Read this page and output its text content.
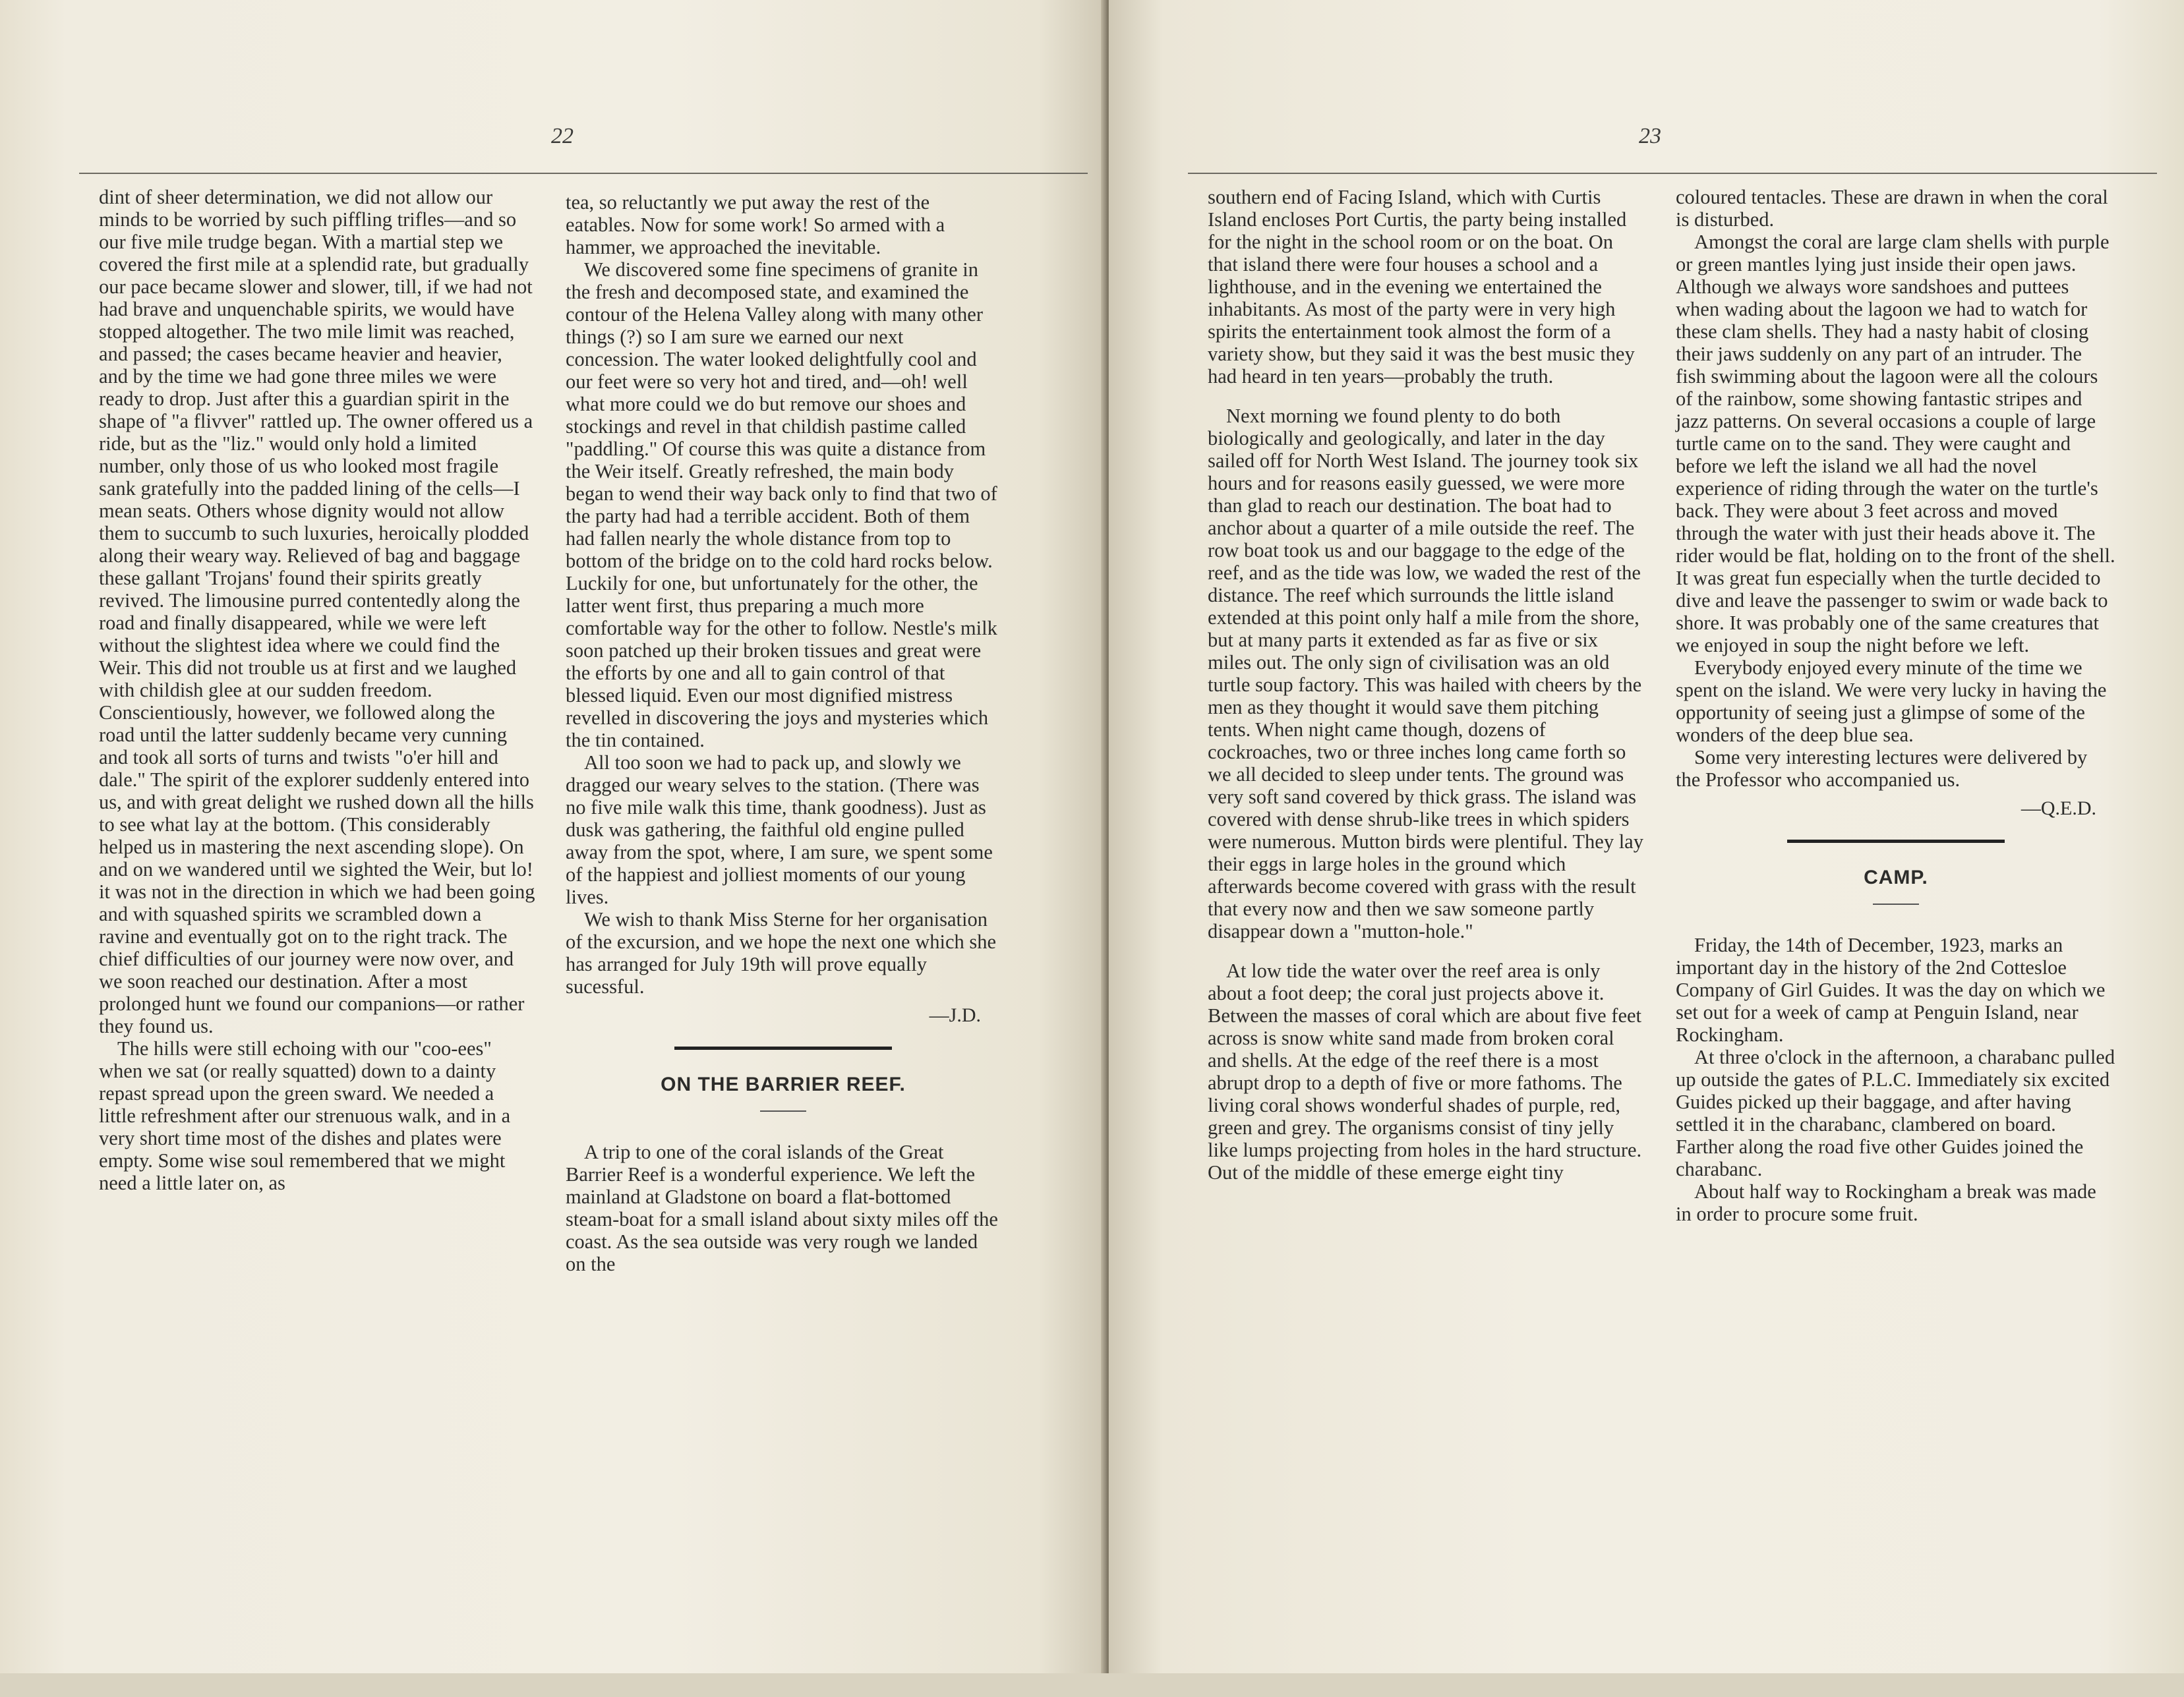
22

dint of sheer determination, we did not allow our minds to be worried by such piffling trifles—and so our five mile trudge began. With a martial step we covered the first mile at a splendid rate, but gradually our pace became slower and slower, till, if we had not had brave and unquenchable spirits, we would have stopped altogether. The two mile limit was reached, and passed; the cases became heavier and heavier, and by the time we had gone three miles we were ready to drop. Just after this a guardian spirit in the shape of "a flivver" rattled up. The owner offered us a ride, but as the "liz." would only hold a limited number, only those of us who looked most fragile sank gratefully into the padded lining of the cells—I mean seats. Others whose dignity would not allow them to succumb to such luxuries, heroically plodded along their weary way. Relieved of bag and baggage these gallant 'Trojans' found their spirits greatly revived. The limousine purred contentedly along the road and finally disappeared, while we were left without the slightest idea where we could find the Weir. This did not trouble us at first and we laughed with childish glee at our sudden freedom. Conscientiously, however, we followed along the road until the latter suddenly became very cunning and took all sorts of turns and twists "o'er hill and dale." The spirit of the explorer suddenly entered into us, and with great delight we rushed down all the hills to see what lay at the bottom. (This considerably helped us in mastering the next ascending slope). On and on we wandered until we sighted the Weir, but lo! it was not in the direction in which we had been going and with squashed spirits we scrambled down a ravine and eventually got on to the right track. The chief difficulties of our journey were now over, and we soon reached our destination. After a most prolonged hunt we found our companions—or rather they found us.

The hills were still echoing with our "coo-ees" when we sat (or really squatted) down to a dainty repast spread upon the green sward. We needed a little refreshment after our strenuous walk, and in a very short time most of the dishes and plates were empty. Some wise soul remembered that we might need a little later on, as

tea, so reluctantly we put away the rest of the eatables. Now for some work! So armed with a hammer, we approached the inevitable.

We discovered some fine specimens of granite in the fresh and decomposed state, and examined the contour of the Helena Valley along with many other things (?) so I am sure we earned our next concession. The water looked delightfully cool and our feet were so very hot and tired, and—oh! well what more could we do but remove our shoes and stockings and revel in that childish pastime called "paddling." Of course this was quite a distance from the Weir itself. Greatly refreshed, the main body began to wend their way back only to find that two of the party had had a terrible accident. Both of them had fallen nearly the whole distance from top to bottom of the bridge on to the cold hard rocks below. Luckily for one, but unfortunately for the other, the latter went first, thus preparing a much more comfortable way for the other to follow. Nestle's milk soon patched up their broken tissues and great were the efforts by one and all to gain control of that blessed liquid. Even our most dignified mistress revelled in discovering the joys and mysteries which the tin contained.

All too soon we had to pack up, and slowly we dragged our weary selves to the station. (There was no five mile walk this time, thank goodness). Just as dusk was gathering, the faithful old engine pulled away from the spot, where, I am sure, we spent some of the happiest and jolliest moments of our young lives.

We wish to thank Miss Sterne for her organisation of the excursion, and we hope the next one which she has arranged for July 19th will prove equally sucessful.

—J.D.
ON THE BARRIER REEF.

A trip to one of the coral islands of the Great Barrier Reef is a wonderful experience. We left the mainland at Gladstone on board a flat-bottomed steam-boat for a small island about sixty miles off the coast. As the sea outside was very rough we landed on the

23

southern end of Facing Island, which with Curtis Island encloses Port Curtis, the party being installed for the night in the school room or on the boat. On that island there were four houses a school and a lighthouse, and in the evening we entertained the inhabitants. As most of the party were in very high spirits the entertainment took almost the form of a variety show, but they said it was the best music they had heard in ten years—probably the truth.

Next morning we found plenty to do both biologically and geologically, and later in the day sailed off for North West Island. The journey took six hours and for reasons easily guessed, we were more than glad to reach our destination. The boat had to anchor about a quarter of a mile outside the reef. The row boat took us and our baggage to the edge of the reef, and as the tide was low, we waded the rest of the distance. The reef which surrounds the little island extended at this point only half a mile from the shore, but at many parts it extended as far as five or six miles out. The only sign of civilisation was an old turtle soup factory. This was hailed with cheers by the men as they thought it would save them pitching tents. When night came though, dozens of cockroaches, two or three inches long came forth so we all decided to sleep under tents. The ground was very soft sand covered by thick grass. The island was covered with dense shrub-like trees in which spiders were numerous. Mutton birds were plentiful. They lay their eggs in large holes in the ground which afterwards become covered with grass with the result that every now and then we saw someone partly disappear down a "mutton-hole."

At low tide the water over the reef area is only about a foot deep; the coral just projects above it. Between the masses of coral which are about five feet across is snow white sand made from broken coral and shells. At the edge of the reef there is a most abrupt drop to a depth of five or more fathoms. The living coral shows wonderful shades of purple, red, green and grey. The organisms consist of tiny jelly like lumps projecting from holes in the hard structure. Out of the middle of these emerge eight tiny

coloured tentacles. These are drawn in when the coral is disturbed.

Amongst the coral are large clam shells with purple or green mantles lying just inside their open jaws. Although we always wore sandshoes and puttees when wading about the lagoon we had to watch for these clam shells. They had a nasty habit of closing their jaws suddenly on any part of an intruder. The fish swimming about the lagoon were all the colours of the rainbow, some showing fantastic stripes and jazz patterns. On several occasions a couple of large turtle came on to the sand. They were caught and before we left the island we all had the novel experience of riding through the water on the turtle's back. They were about 3 feet across and moved through the water with just their heads above it. The rider would be flat, holding on to the front of the shell. It was great fun especially when the turtle decided to dive and leave the passenger to swim or wade back to shore. It was probably one of the same creatures that we enjoyed in soup the night before we left.

Everybody enjoyed every minute of the time we spent on the island. We were very lucky in having the opportunity of seeing just a glimpse of some of the wonders of the deep blue sea.

Some very interesting lectures were delivered by the Professor who accompanied us.

—Q.E.D.
CAMP.

Friday, the 14th of December, 1923, marks an important day in the history of the 2nd Cottesloe Company of Girl Guides. It was the day on which we set out for a week of camp at Penguin Island, near Rockingham.

At three o'clock in the afternoon, a charabanc pulled up outside the gates of P.L.C. Immediately six excited Guides picked up their baggage, and after having settled it in the charabanc, clambered on board. Farther along the road five other Guides joined the charabanc.

About half way to Rockingham a break was made in order to procure some fruit.
